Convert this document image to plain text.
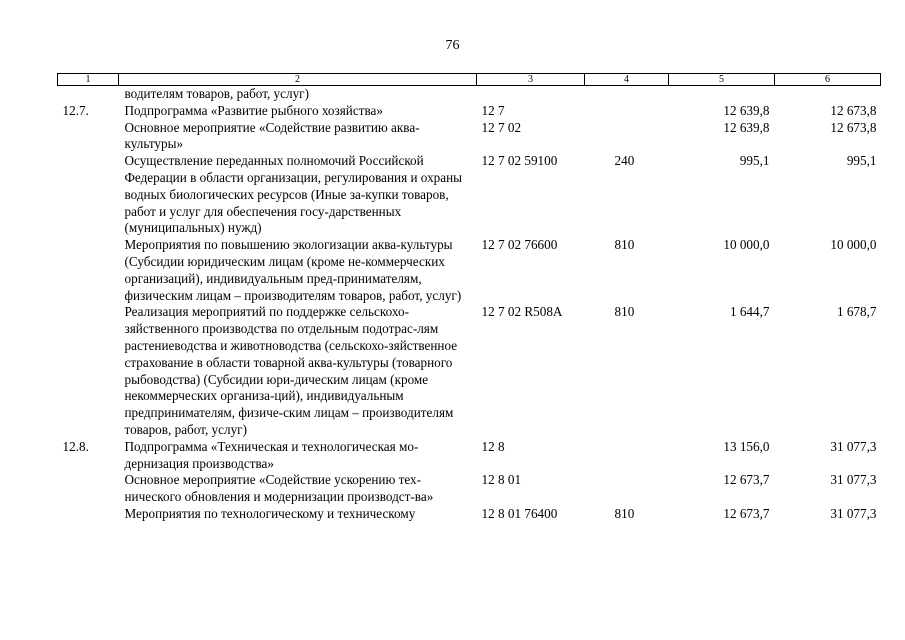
76
1	2	3	4	5	6
	водителям товаров, работ, услуг)				
12.7.	Подпрограмма «Развитие рыбного хозяйства»	12 7		12 639,8	12 673,8
	Основное мероприятие «Содействие развитию аква-культуры»	12 7 02		12 639,8	12 673,8
	Осуществление переданных полномочий Российской Федерации в области организации, регулирования и охраны водных биологических ресурсов (Иные за-купки товаров, работ и услуг для обеспечения госу-дарственных (муниципальных) нужд)	12 7 02 59100	240	995,1	995,1
	Мероприятия по повышению экологизации аква-культуры (Субсидии юридическим лицам (кроме не-коммерческих организаций), индивидуальным пред-принимателям, физическим лицам – производителям товаров, работ, услуг)	12 7 02 76600	810	10 000,0	10 000,0
	Реализация мероприятий по поддержке сельскохо-зяйственного производства по отдельным подотрас-лям растениеводства и животноводства (сельскохо-зяйственное страхование в области товарной аква-культуры (товарного рыбоводства) (Субсидии юри-дическим лицам (кроме некоммерческих организа-ций), индивидуальным предпринимателям, физиче-ским лицам – производителям товаров, работ, услуг)	12 7 02 R508A	810	1 644,7	1 678,7
12.8.	Подпрограмма «Техническая и технологическая мо-дернизация производства»	12 8		13 156,0	31 077,3
	Основное мероприятие «Содействие ускорению тех-нического обновления и модернизации производст-ва»	12 8 01		12 673,7	31 077,3
	Мероприятия по технологическому и техническому	12 8 01 76400	810	12 673,7	31 077,3
